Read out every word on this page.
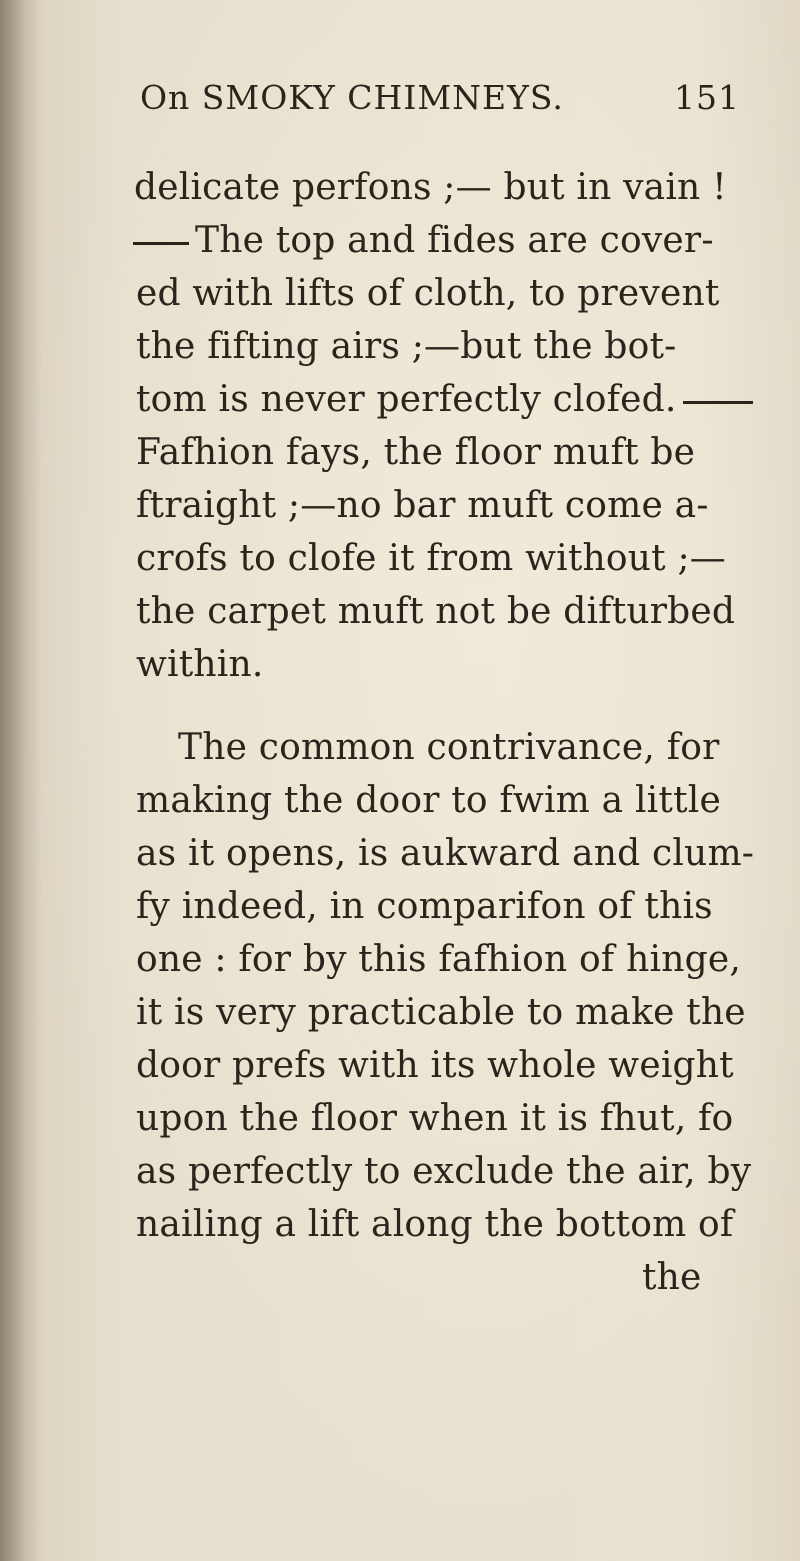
On SMOKY CHIMNEYS.	151
delicate perfons ;— but in vain !
The top and fides are cover-
ed with lifts of cloth, to prevent
the fifting airs ;—but the bot-
tom is never perfectly clofed.
Fafhion fays, the floor muft be
ftraight ;—no bar muft come a-
crofs to clofe it from without ;—
the carpet muft not be difturbed
within.
The common contrivance, for
making the door to fwim a little
as it opens, is aukward and clum-
fy indeed, in comparifon of this
one : for by this fafhion of hinge,
it is very practicable to make the
door prefs with its whole weight
upon the floor when it is fhut, fo
as perfectly to exclude the air, by
nailing a lift along the bottom of
the
